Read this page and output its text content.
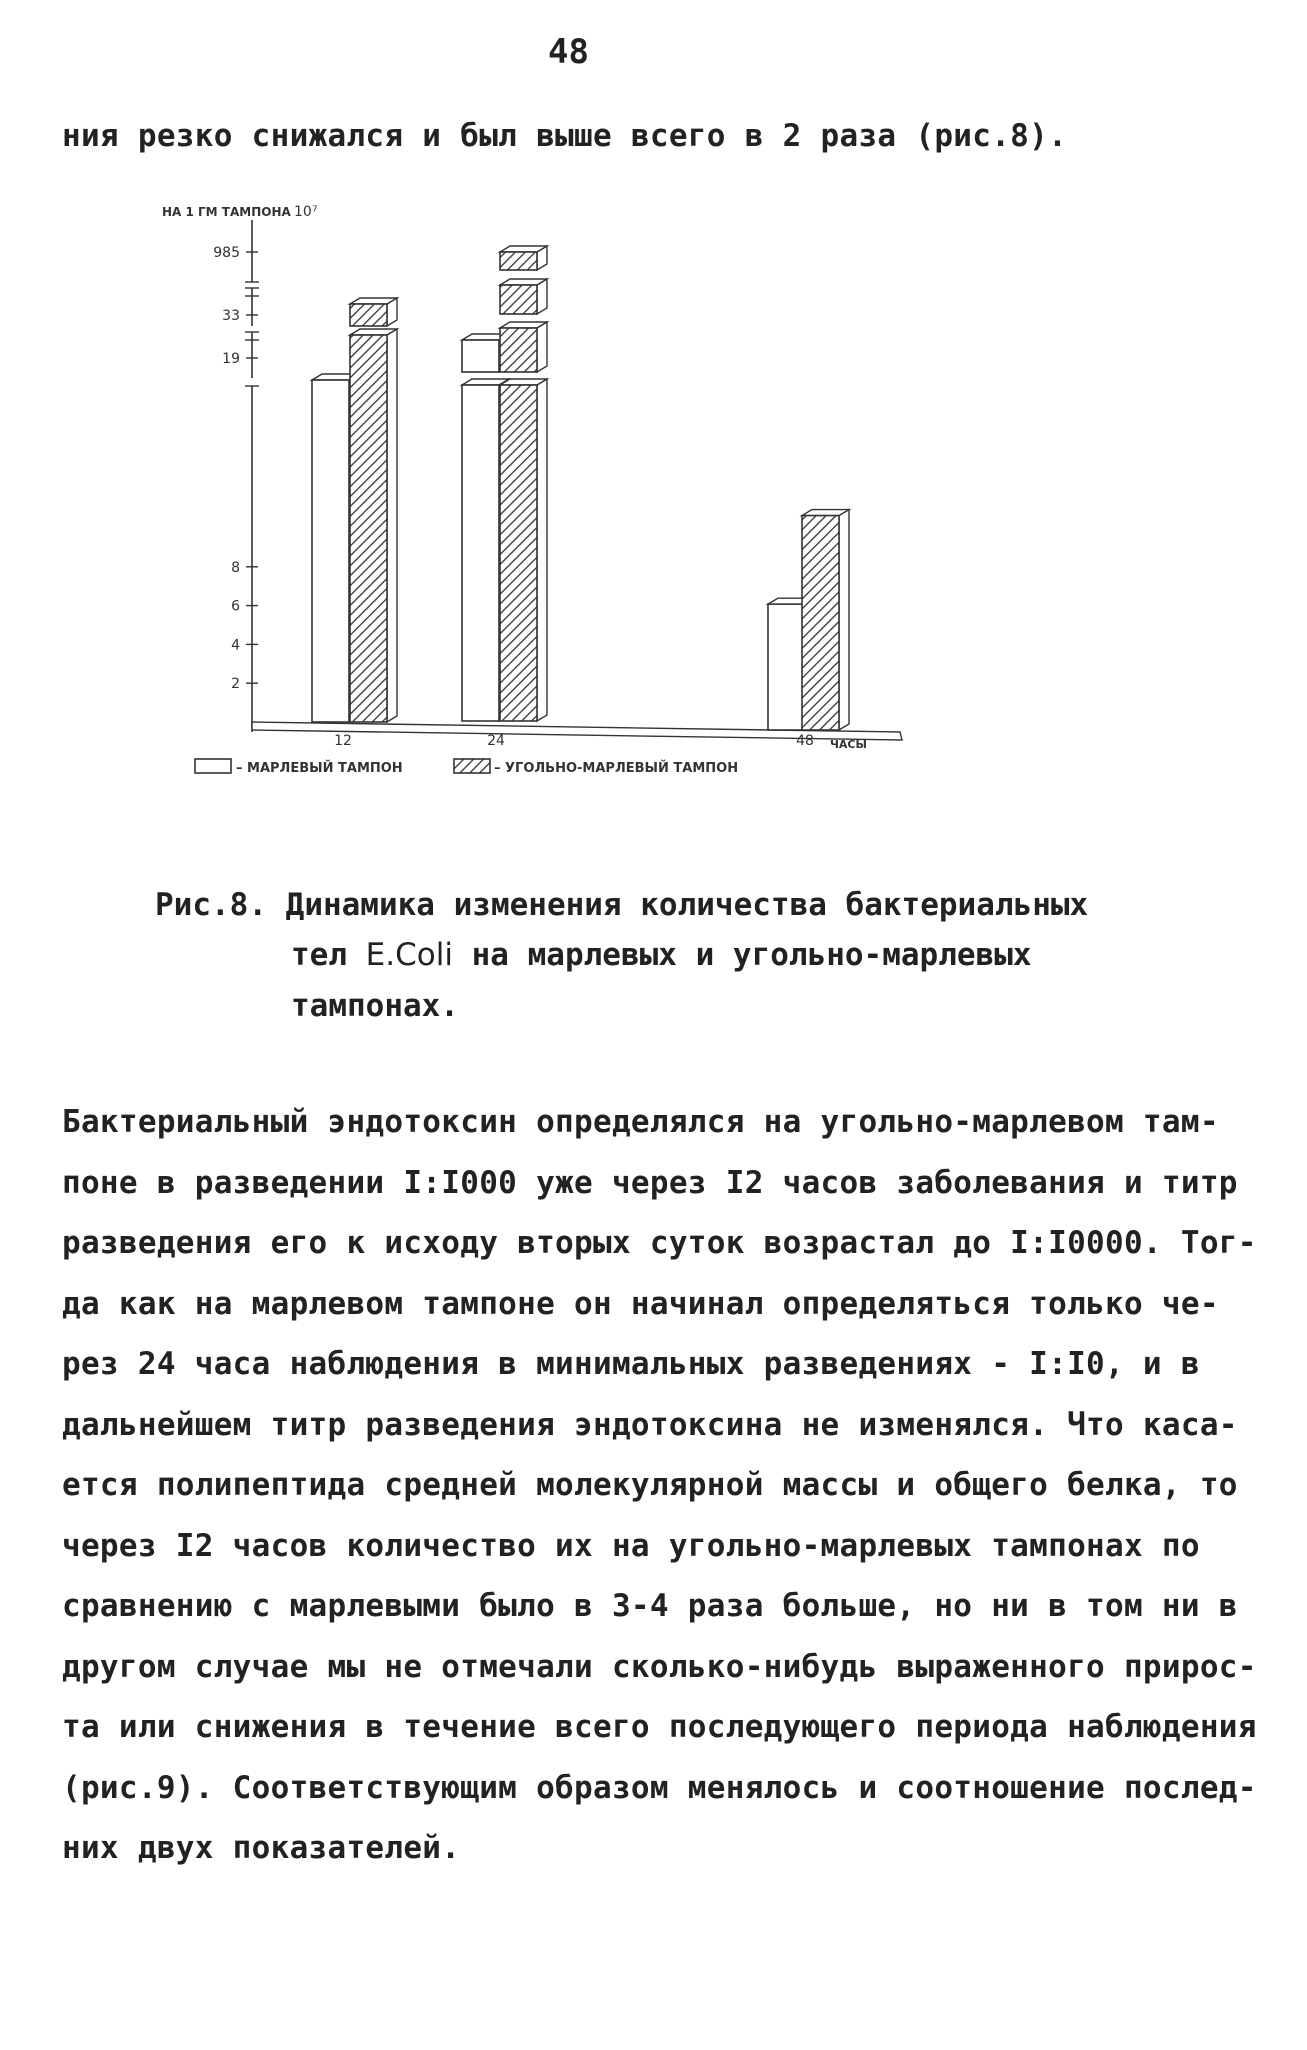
48
ния резко снижался и был выше всего в 2 раза (рис.8).
2
4
6
8
19
33
985
НА 1 ГМ ТАМПОНА 10⁷
12	24	48 ЧАСЫ
– МАРЛЕВЫЙ ТАМПОН	– УГОЛЬНО-МАРЛЕВЫЙ ТАМПОН
Рис.8. Динамика изменения количества бактериальных
тел E.Coli на марлевых и угольно-марлевых
тампонах.
Бактериальный эндотоксин определялся на угольно-марлевом там-
поне в разведении I:I000 уже через I2 часов заболевания и титр
разведения его к исходу вторых суток возрастал до I:I0000. Тог-
да как на марлевом тампоне он начинал определяться только че-
рез 24 часа наблюдения в минимальных разведениях - I:I0, и в
дальнейшем титр разведения эндотоксина не изменялся. Что каса-
ется полипептида средней молекулярной массы и общего белка, то
через I2 часов количество их на угольно-марлевых тампонах по
сравнению с марлевыми было в 3-4 раза больше, но ни в том ни в
другом случае мы не отмечали сколько-нибудь выраженного прирос-
та или снижения в течение всего последующего периода наблюдения
(рис.9). Соответствующим образом менялось и соотношение послед-
них двух показателей.
